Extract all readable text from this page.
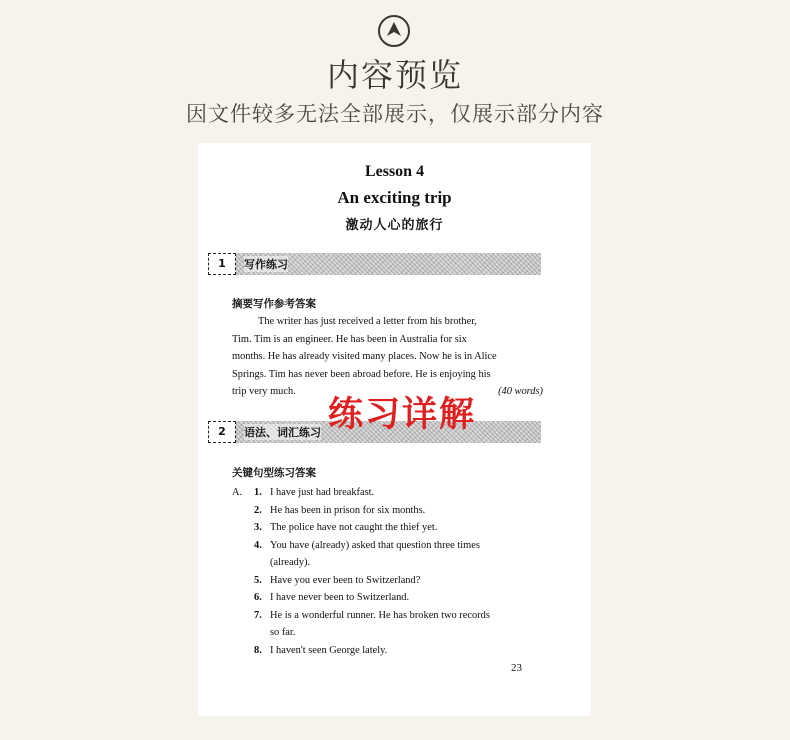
内容预览
因文件较多无法全部展示，仅展示部分内容
Lesson 4
An exciting trip
激动人心的旅行
1	写作练习
摘要写作参考答案
The writer has just received a letter from his brother,
Tim. Tim is an engineer. He has been in Australia for six
months. He has already visited many places. Now he is in Alice
Springs. Tim has never been abroad before. He is enjoying his
trip very much.	(40 words)
2	语法、词汇练习 练习详解
关键句型练习答案
A. 1. I have just had breakfast.
2. He has been in prison for six months.
3. The police have not caught the thief yet.
4. You have (already) asked that question three times
(already).
5. Have you ever been to Switzerland?
6. I have never been to Switzerland.
7. He is a wonderful runner. He has broken two records
so far.
8. I haven't seen George lately.
23
